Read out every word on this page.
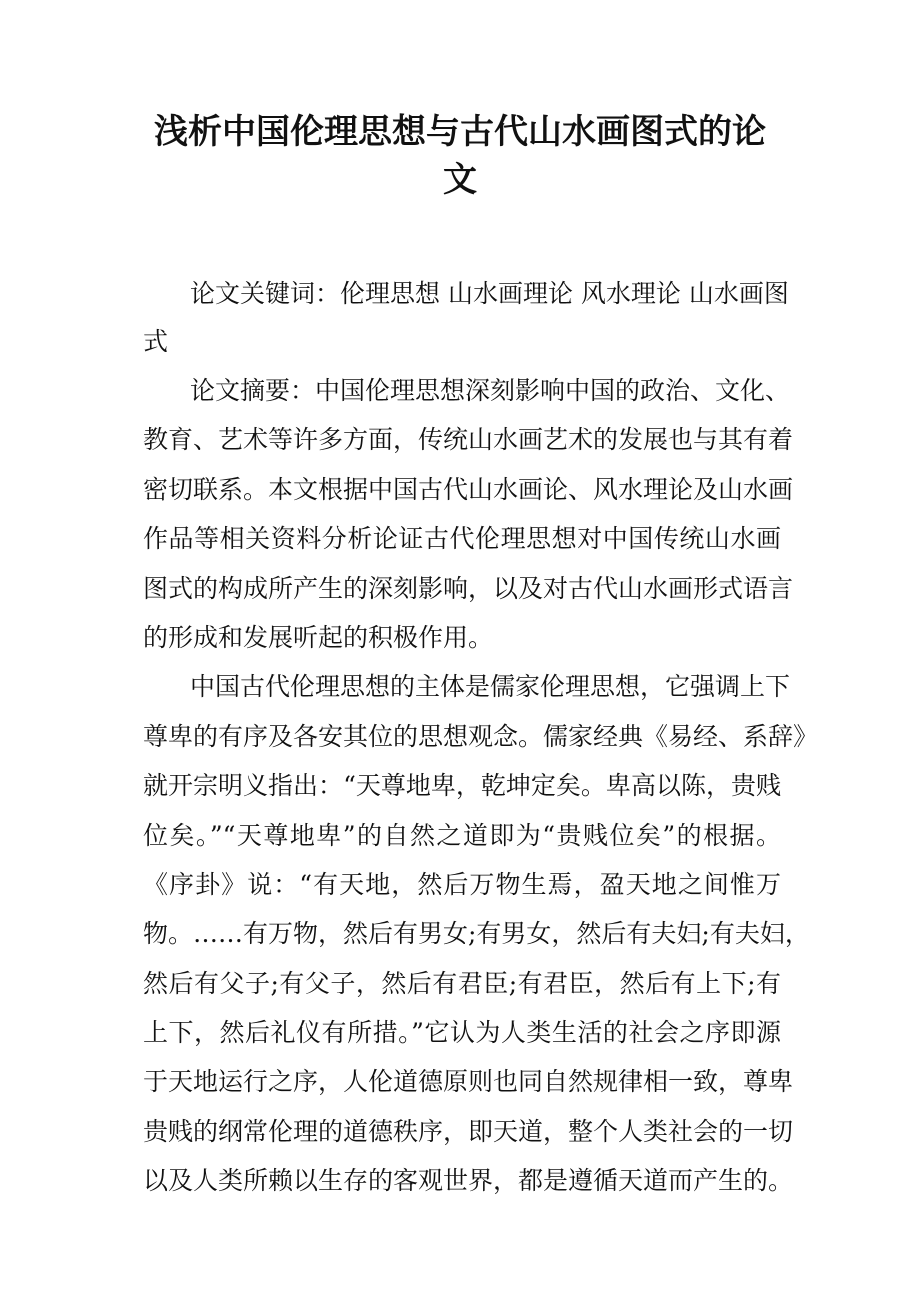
浅析中国伦理思想与古代山水画图式的论
文
论文关键词：伦理思想 山水画理论 风水理论 山水画图
式
论文摘要：中国伦理思想深刻影响中国的政治、文化、
教育、艺术等许多方面，传统山水画艺术的发展也与其有着
密切联系。本文根据中国古代山水画论、风水理论及山水画
作品等相关资料分析论证古代伦理思想对中国传统山水画
图式的构成所产生的深刻影响，以及对古代山水画形式语言
的形成和发展听起的积极作用。
中国古代伦理思想的主体是儒家伦理思想，它强调上下
尊卑的有序及各安其位的思想观念。儒家经典《易经、系辞》
就开宗明义指出：“天尊地卑，乾坤定矣。卑高以陈，贵贱
位矣。”“天尊地卑”的自然之道即为“贵贱位矣”的根据。
《序卦》说：“有天地，然后万物生焉，盈天地之间惟万
物。……有万物，然后有男女;有男女，然后有夫妇;有夫妇，
然后有父子;有父子，然后有君臣;有君臣，然后有上下;有
上下，然后礼仪有所措。”它认为人类生活的社会之序即源
于天地运行之序，人伦道德原则也同自然规律相一致，尊卑
贵贱的纲常伦理的道德秩序，即天道，整个人类社会的一切
以及人类所赖以生存的客观世界，都是遵循天道而产生的。
